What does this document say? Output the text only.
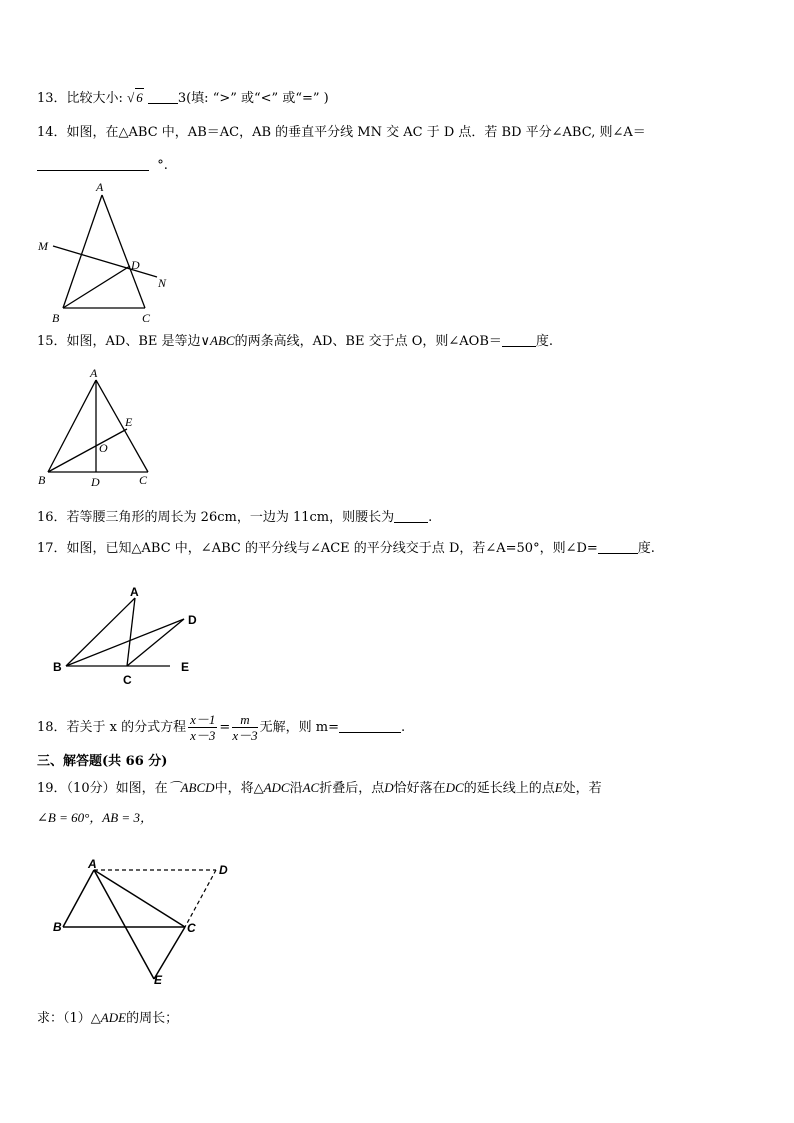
13．比较大小: √ 6	3(填: “>” 或“<” 或“=” )
14．如图，在△ABC 中，AB＝AC，AB 的垂直平分线 MN 交 AC 于 D 点．若 BD 平分∠ABC, 则∠A＝
°.
A
M
D
N
B	C
15．如图，AD、BE 是等边∨ABC的两条高线，AD、BE 交于点 O，则∠AOB＝	度.
A
E
O
B	D	C
16．若等腰三角形的周长为 26cm，一边为 11cm，则腰长为	.
17．如图，已知△ABC 中，∠ABC 的平分线与∠ACE 的平分线交于点 D，若∠A=50°，则∠D=	度.
A
D
B	E
C
18．若关于 x 的分式方程 $\frac{x-1}{x-3} = \frac{m}{x-3}$ 无解，则 m=	.
三、解答题(共 66 分)
19．（10分）如图，在⌒ABCD中，将△ADC沿AC折叠后，点D恰好落在DC的延长线上的点E处，若
∠B = 60°，AB = 3，
A	D
B	C
E
求：（1）△ADE的周长；
